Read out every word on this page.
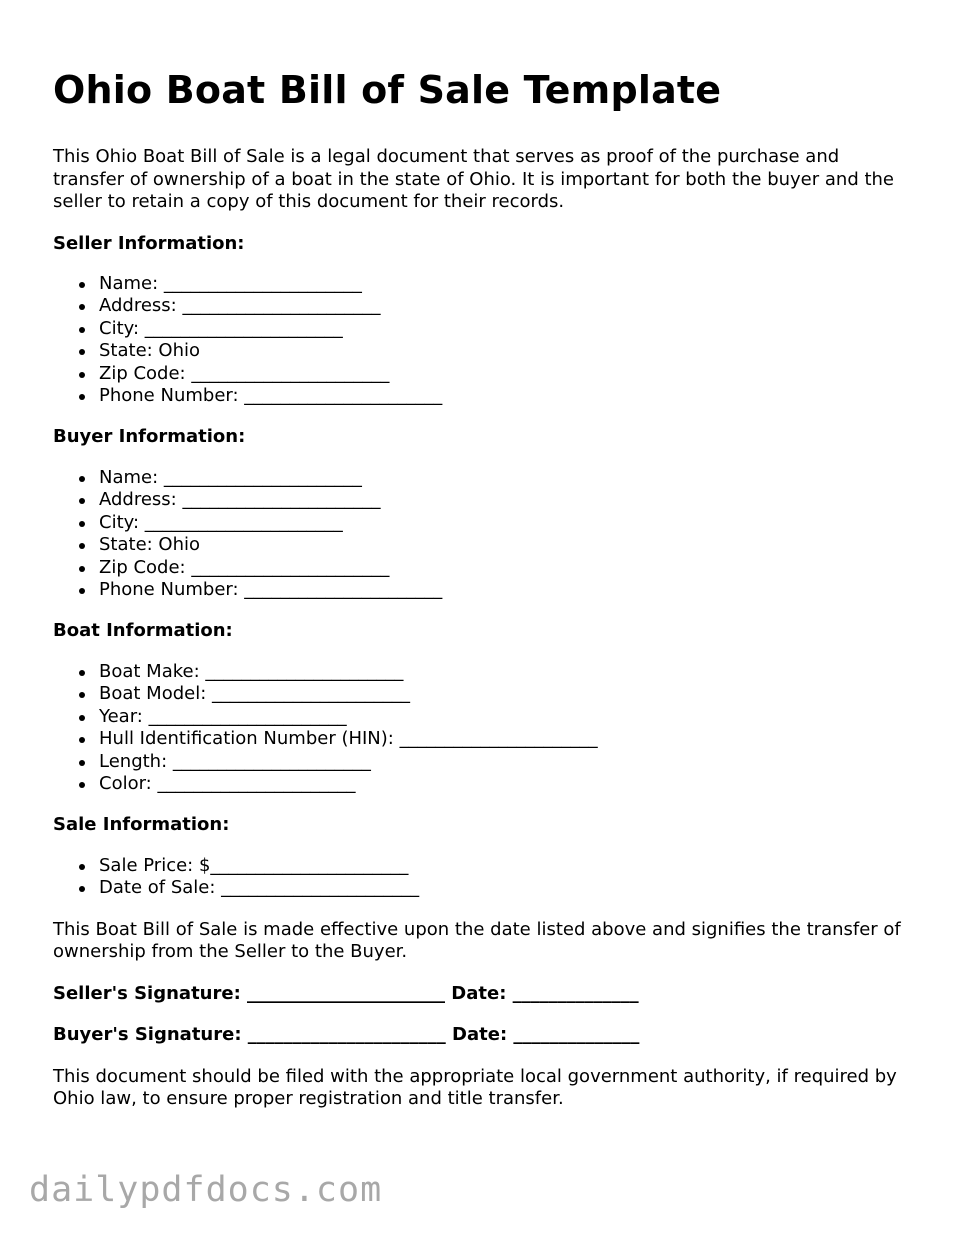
Ohio Boat Bill of Sale Template

This Ohio Boat Bill of Sale is a legal document that serves as proof of the purchase and transfer of ownership of a boat in the state of Ohio. It is important for both the buyer and the seller to retain a copy of this document for their records.

Seller Information:
Name: ______________________
Address: ______________________
City: ______________________
State: Ohio
Zip Code: ______________________
Phone Number: ______________________
Buyer Information:
Name: ______________________
Address: ______________________
City: ______________________
State: Ohio
Zip Code: ______________________
Phone Number: ______________________
Boat Information:
Boat Make: ______________________
Boat Model: ______________________
Year: ______________________
Hull Identification Number (HIN): ______________________
Length: ______________________
Color: ______________________
Sale Information:
Sale Price: $______________________
Date of Sale: ______________________

This Boat Bill of Sale is made effective upon the date listed above and signifies the transfer of ownership from the Seller to the Buyer.

Seller's Signature: ______________________ Date: ______________
Buyer's Signature: ______________________ Date: ______________

This document should be filed with the appropriate local government authority, if required by Ohio law, to ensure proper registration and title transfer.

dailypdfdocs.com
